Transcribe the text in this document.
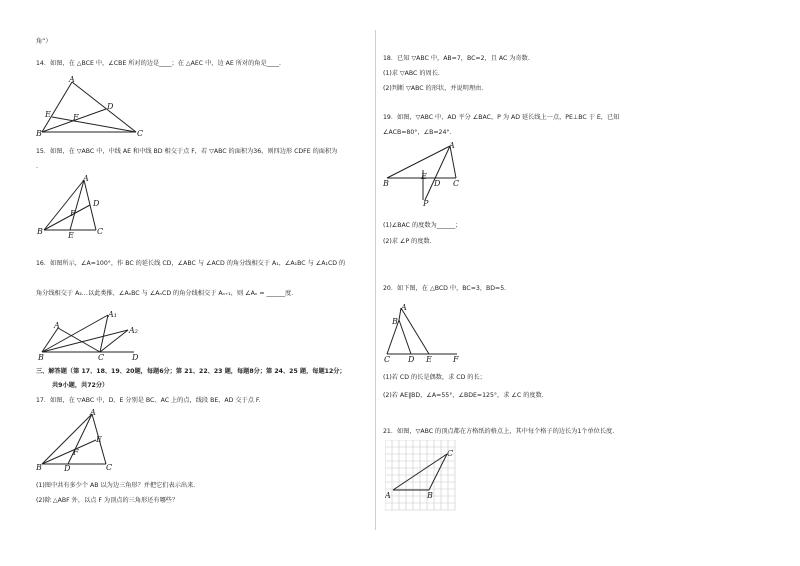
角”）
14．如图，在 △BCE 中，∠CBE 所对的边是____；在 △AEC 中，边 AE 所对的角是____.
A
D
E	F
B	C
15．如图，在 ▽ABC 中，中线 AE 和中线 BD 相交于点 F，若 ▽ABC 的面积为36，则四边形 CDFE 的面积为
.
A
D
F
B	E	C
16．如图所示，∠A=100°，作 BC 的延长线 CD，∠ABC 与 ∠ACD 的角分线相交于 A₁，∠A₁BC 与 ∠A₁CD 的
角分线相交于 A₂…以此类推，∠AₙBC 与 ∠AₙCD 的角分线相交于 Aₙ₊₁，则 ∠Aₙ = ______度.
A
A₁
A₂
B	C	D
三、解答题（第 17、18、19、20题，每题6分；第 21、22、23 题，每题8分；第 24、25 题，每题12分；
共9小题，共72分）
17．如图，在 ▽ABC 中，D、E 分别是 BC、AC 上的点，线段 BE、AD 交于点 F.
A
E
F
B	D	C
(1)图中共有多少个 AB 以为边三角形？并把它们表示出来.
(2)除 △ABF 外，以点 F 为顶点的三角形还有哪些？
18．已知 ▽ABC 中，AB=7，BC=2，且 AC 为奇数.
(1)求 ▽ABC 的周长.
(2)判断 ▽ABC 的形状，并说明理由.
19．如图，▽ABC 中，AD 平分 ∠BAC，P 为 AD 延长线上一点，PE⊥BC 于 E，已知
∠ACB=80°，∠B=24°.
A
B
E
D C
P
(1)∠BAC 的度数为______；
(2)求 ∠P 的度数.
20．如下图，在 △BCD 中，BC=3，BD=5.
A
B
C D E	F
(1)若 CD 的长是偶数，求 CD 的长；
(2)若 AE∥BD，∠A=55°，∠BDE=125°，求 ∠C 的度数.
21．如图，▽ABC 的顶点都在方格纸的格点上，其中每个格子的边长为1个单位长度.
C
A	B
